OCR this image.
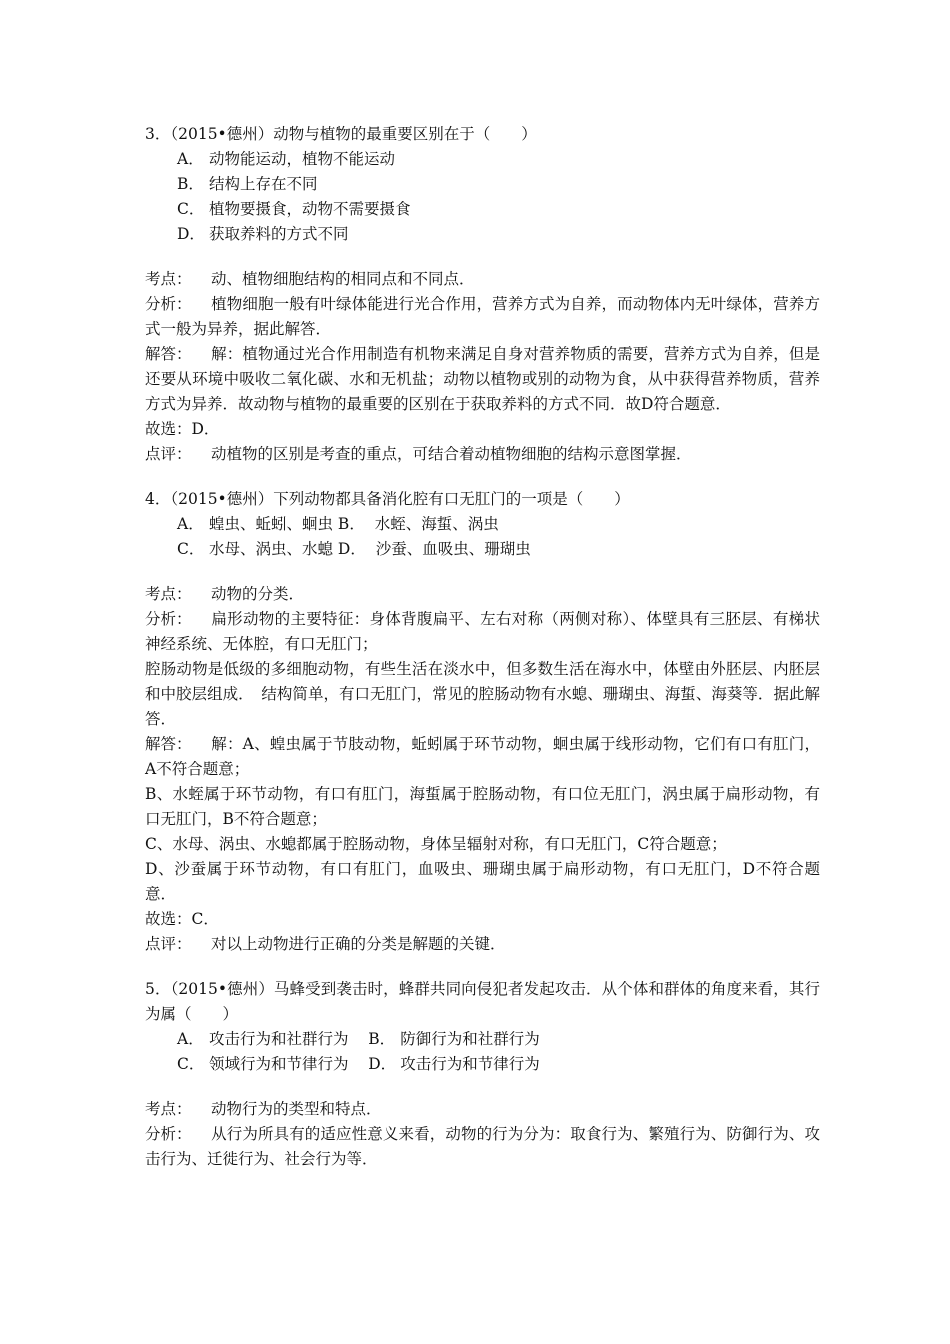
3．（2015•德州）动物与植物的最重要区别在于（　　）
A． 动物能运动，植物不能运动
B． 结构上存在不同
C． 植物要摄食，动物不需要摄食
D． 获取养料的方式不同
考点： 动、植物细胞结构的相同点和不同点．
分析： 植物细胞一般有叶绿体能进行光合作用，营养方式为自养，而动物体内无叶绿体，营养方式一般为异养，据此解答．
解答： 解：植物通过光合作用制造有机物来满足自身对营养物质的需要，营养方式为自养，但是还要从环境中吸收二氧化碳、水和无机盐；动物以植物或别的动物为食，从中获得营养物质，营养方式为异养．故动物与植物的最重要的区别在于获取养料的方式不同．故D符合题意．
故选：D．
点评： 动植物的区别是考查的重点，可结合着动植物细胞的结构示意图掌握．
4．（2015•德州）下列动物都具备消化腔有口无肛门的一项是（　　）
A． 蝗虫、蚯蚓、蛔虫 B． 水蛭、海蜇、涡虫
C． 水母、涡虫、水螅 D． 沙蚕、血吸虫、珊瑚虫
考点： 动物的分类．
分析： 扁形动物的主要特征：身体背腹扁平、左右对称（两侧对称）、体壁具有三胚层、有梯状神经系统、无体腔，有口无肛门；
腔肠动物是低级的多细胞动物，有些生活在淡水中，但多数生活在海水中，体壁由外胚层、内胚层和中胶层组成．　结构简单，有口无肛门，常见的腔肠动物有水螅、珊瑚虫、海蜇、海葵等．据此解答．
解答： 解：A、蝗虫属于节肢动物，蚯蚓属于环节动物，蛔虫属于线形动物，它们有口有肛门，A不符合题意；
B、水蛭属于环节动物，有口有肛门，海蜇属于腔肠动物，有口位无肛门，涡虫属于扁形动物，有口无肛门，B不符合题意；
C、水母、涡虫、水螅都属于腔肠动物，身体呈辐射对称，有口无肛门，C符合题意；
D、沙蚕属于环节动物，有口有肛门，血吸虫、珊瑚虫属于扁形动物，有口无肛门，D不符合题意．
故选：C．
点评： 对以上动物进行正确的分类是解题的关键．
5．（2015•德州）马蜂受到袭击时，蜂群共同向侵犯者发起攻击．从个体和群体的角度来看，其行为属（　　）
A． 攻击行为和社群行为 B． 防御行为和社群行为
C． 领域行为和节律行为 D． 攻击行为和节律行为
考点： 动物行为的类型和特点．
分析： 从行为所具有的适应性意义来看，动物的行为分为：取食行为、繁殖行为、防御行为、攻击行为、迁徙行为、社会行为等．
